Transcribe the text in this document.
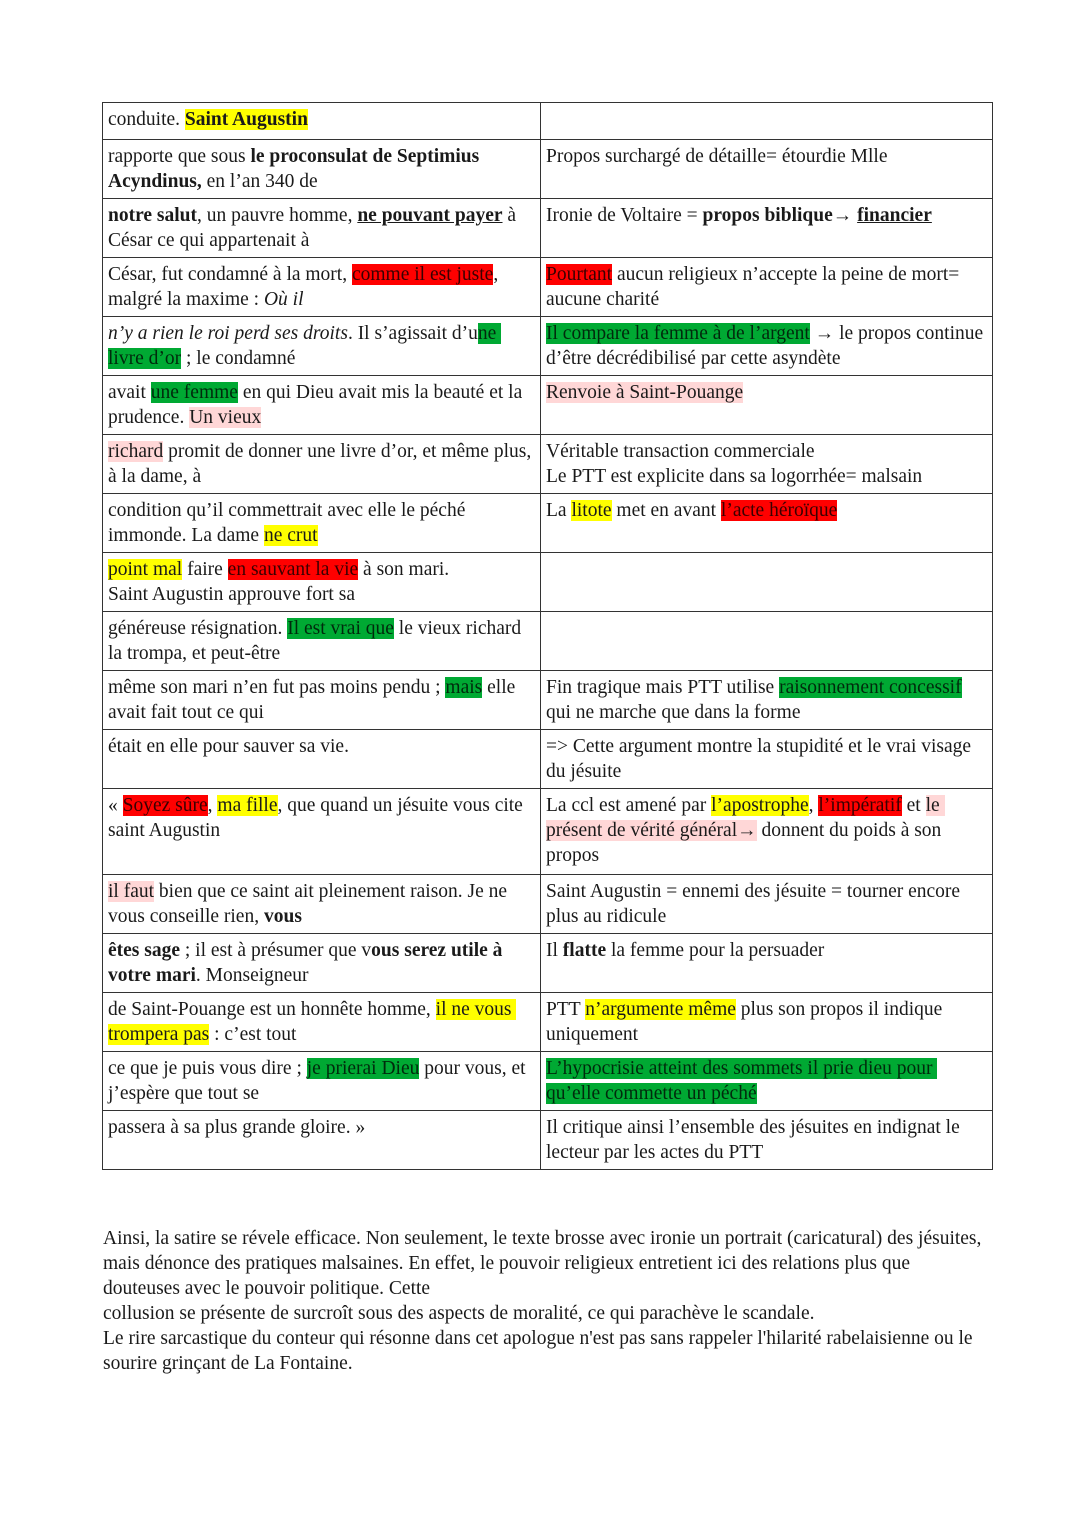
conduite. Saint Augustin	
rapporte que sous le proconsulat de Septimius Acyndinus, en l’an 340 de	Propos surchargé de détaille= étourdie Mlle
notre salut, un pauvre homme, ne pouvant payer à César ce qui appartenait à	Ironie de Voltaire = propos biblique→ financier
César, fut condamné à la mort, comme il est juste, malgré la maxime : Où il	Pourtant aucun religieux n’accepte la peine de mort= aucune charité
n’y a rien le roi perd ses droits. Il s’agissait d’une livre d’or ; le condamné	Il compare la femme à de l’argent → le propos continue d’être décrédibilisé par cette asyndète
avait une femme en qui Dieu avait mis la beauté et la prudence. Un vieux	Renvoie à Saint-Pouange
richard promit de donner une livre d’or, et même plus, à la dame, à	Véritable transaction commerciale
Le PTT est explicite dans sa logorrhée= malsain
condition qu’il commettrait avec elle le péché immonde. La dame ne crut	La litote met en avant l’acte héroïque
point mal faire en sauvant la vie à son mari.
Saint Augustin approuve fort sa	
généreuse résignation. Il est vrai que le vieux richard la trompa, et peut-être	
même son mari n’en fut pas moins pendu ; mais elle avait fait tout ce qui	Fin tragique mais PTT utilise raisonnement concessif qui ne marche que dans la forme
était en elle pour sauver sa vie.	=> Cette argument montre la stupidité et le vrai visage du jésuite
« Soyez sûre, ma fille, que quand un jésuite vous cite saint Augustin	La ccl est amené par l’apostrophe, l’impératif et le présent de vérité général→ donnent du poids à son propos
il faut bien que ce saint ait pleinement raison. Je ne vous conseille rien, vous	Saint Augustin = ennemi des jésuite = tourner encore plus au ridicule
êtes sage ; il est à présumer que vous serez utile à votre mari. Monseigneur	Il flatte la femme pour la persuader
de Saint-Pouange est un honnête homme, il ne vous trompera pas : c’est tout	PTT n’argumente même plus son propos il indique uniquement
ce que je puis vous dire ; je prierai Dieu pour vous, et j’espère que tout se	L’hypocrisie atteint des sommets il prie dieu pour qu’elle commette un péché
passera à sa plus grande gloire. »	Il critique ainsi l’ensemble des jésuites en indignat le lecteur par les actes du PTT

Ainsi, la satire se révele efficace. Non seulement, le texte brosse avec ironie un portrait (caricatural) des jésuites, mais dénonce des pratiques malsaines. En effet, le pouvoir religieux entretient ici des relations plus que douteuses avec le pouvoir politique. Cette

collusion se présente de surcroît sous des aspects de moralité, ce qui parachève le scandale.

Le rire sarcastique du conteur qui résonne dans cet apologue n'est pas sans rappeler l'hilarité rabelaisienne ou le sourire grinçant de La Fontaine.
